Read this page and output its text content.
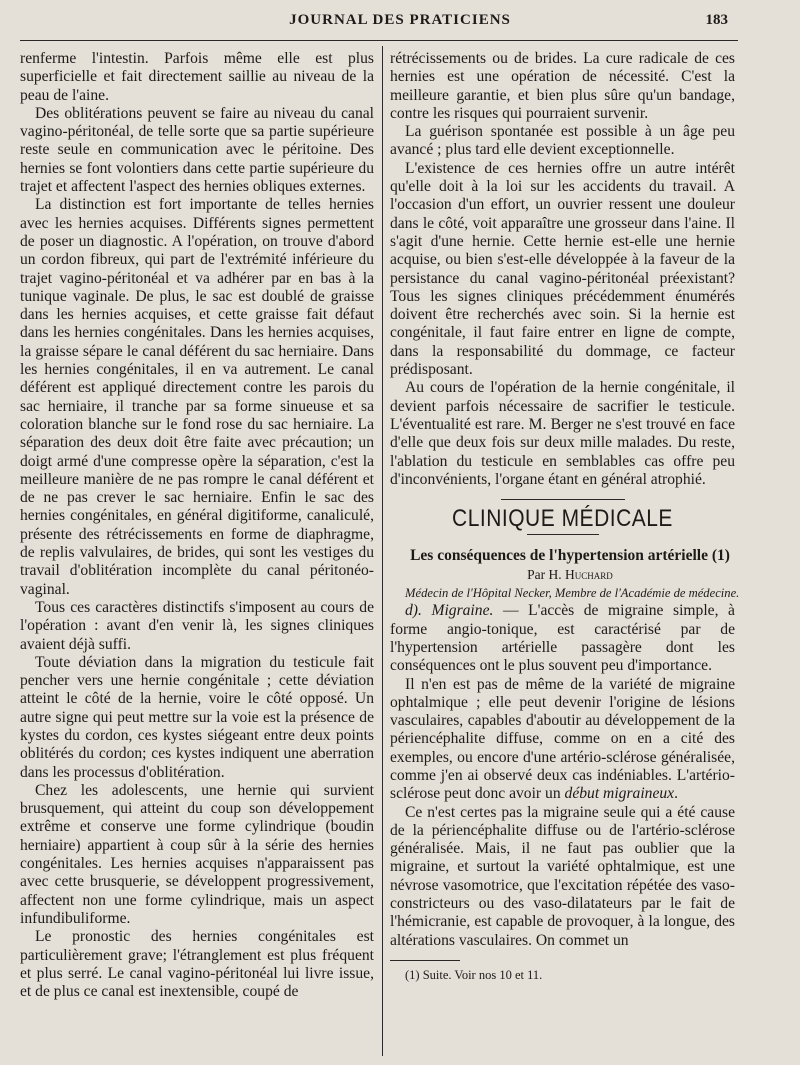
JOURNAL DES PRATICIENS	183

renferme l'intestin. Parfois même elle est plus superficielle et fait directement saillie au niveau de la peau de l'aine.

Des oblitérations peuvent se faire au niveau du canal vagino-péritonéal, de telle sorte que sa partie supérieure reste seule en communication avec le péritoine. Des hernies se font volontiers dans cette partie supérieure du trajet et affectent l'aspect des hernies obliques externes.

La distinction est fort importante de telles hernies avec les hernies acquises. Différents signes permettent de poser un diagnostic. A l'opération, on trouve d'abord un cordon fibreux, qui part de l'extrémité inférieure du trajet vagino-péritonéal et va adhérer par en bas à la tunique vaginale. De plus, le sac est doublé de graisse dans les hernies acquises, et cette graisse fait défaut dans les hernies congénitales. Dans les hernies acquises, la graisse sépare le canal déférent du sac herniaire. Dans les hernies congénitales, il en va autrement. Le canal déférent est appliqué directement contre les parois du sac herniaire, il tranche par sa forme sinueuse et sa coloration blanche sur le fond rose du sac herniaire. La séparation des deux doit être faite avec précaution; un doigt armé d'une compresse opère la séparation, c'est la meilleure manière de ne pas rompre le canal déférent et de ne pas crever le sac herniaire. Enfin le sac des hernies congénitales, en général digitiforme, canaliculé, présente des rétrécissements en forme de diaphragme, de replis valvulaires, de brides, qui sont les vestiges du travail d'oblitération incomplète du canal péritonéo-vaginal.

Tous ces caractères distinctifs s'imposent au cours de l'opération : avant d'en venir là, les signes cliniques avaient déjà suffi.

Toute déviation dans la migration du testicule fait pencher vers une hernie congénitale ; cette déviation atteint le côté de la hernie, voire le côté opposé. Un autre signe qui peut mettre sur la voie est la présence de kystes du cordon, ces kystes siégeant entre deux points oblitérés du cordon; ces kystes indiquent une aberration dans les processus d'oblitération.

Chez les adolescents, une hernie qui survient brusquement, qui atteint du coup son développement extrême et conserve une forme cylindrique (boudin herniaire) appartient à coup sûr à la série des hernies congénitales. Les hernies acquises n'apparaissent pas avec cette brusquerie, se développent progressivement, affectent non une forme cylindrique, mais un aspect infundibuliforme.

Le pronostic des hernies congénitales est particulièrement grave; l'étranglement est plus fréquent et plus serré. Le canal vagino-péritonéal lui livre issue, et de plus ce canal est inextensible, coupé de

rétrécissements ou de brides. La cure radicale de ces hernies est une opération de nécessité. C'est la meilleure garantie, et bien plus sûre qu'un bandage, contre les risques qui pourraient survenir.

La guérison spontanée est possible à un âge peu avancé ; plus tard elle devient exceptionnelle.

L'existence de ces hernies offre un autre intérêt qu'elle doit à la loi sur les accidents du travail. A l'occasion d'un effort, un ouvrier ressent une douleur dans le côté, voit apparaître une grosseur dans l'aine. Il s'agit d'une hernie. Cette hernie est-elle une hernie acquise, ou bien s'est-elle développée à la faveur de la persistance du canal vagino-péritonéal préexistant? Tous les signes cliniques précédemment énumérés doivent être recherchés avec soin. Si la hernie est congénitale, il faut faire entrer en ligne de compte, dans la responsabilité du dommage, ce facteur prédisposant.

Au cours de l'opération de la hernie congénitale, il devient parfois nécessaire de sacrifier le testicule. L'éventualité est rare. M. Berger ne s'est trouvé en face d'elle que deux fois sur deux mille malades. Du reste, l'ablation du testicule en semblables cas offre peu d'inconvénients, l'organe étant en général atrophié.

CLINIQUE MÉDICALE

Les conséquences de l'hypertension artérielle (1)

Par H. Huchard

Médecin de l'Hôpital Necker, Membre de l'Académie de médecine.

d). Migraine. — L'accès de migraine simple, à forme angio-tonique, est caractérisé par de l'hypertension artérielle passagère dont les conséquences ont le plus souvent peu d'importance.

Il n'en est pas de même de la variété de migraine ophtalmique ; elle peut devenir l'origine de lésions vasculaires, capables d'aboutir au développement de la périencéphalite diffuse, comme on en a cité des exemples, ou encore d'une artério-sclérose généralisée, comme j'en ai observé deux cas indéniables. L'artério-sclérose peut donc avoir un début migraineux.

Ce n'est certes pas la migraine seule qui a été cause de la périencéphalite diffuse ou de l'artério-sclérose généralisée. Mais, il ne faut pas oublier que la migraine, et surtout la variété ophtalmique, est une névrose vasomotrice, que l'excitation répétée des vaso-constricteurs ou des vaso-dilatateurs par le fait de l'hémicranie, est capable de provoquer, à la longue, des altérations vasculaires. On commet un

(1) Suite. Voir nos 10 et 11.
